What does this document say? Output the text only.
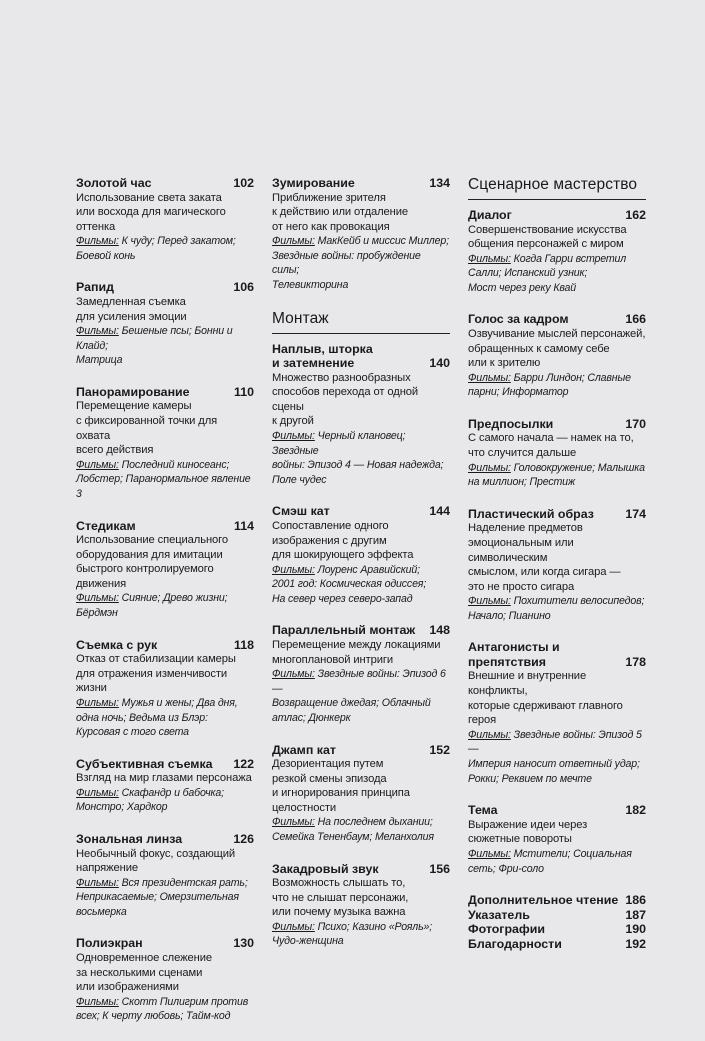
Золотой час	102
Использование света заката
или восхода для магического оттенка
Фильмы: К чуду; Перед закатом;
Боевой конь
Рапид	106
Замедленная съемка
для усиления эмоции
Фильмы: Бешеные псы; Бонни и Клайд;
Матрица
Панорамирование	110
Перемещение камеры
с фиксированной точки для охвата
всего действия
Фильмы: Последний киносеанс;
Лобстер; Паранормальное явление 3
Стедикам	114
Использование специального
оборудования для имитации
быстрого контролируемого
движения
Фильмы: Сияние; Древо жизни;
Бёрдмэн
Съемка с рук	118
Отказ от стабилизации камеры
для отражения изменчивости жизни
Фильмы: Мужья и жены; Два дня,
одна ночь; Ведьма из Блэр:
Курсовая с того света
Субъективная съемка 122
Взгляд на мир глазами персонажа
Фильмы: Скафандр и бабочка;
Монстро; Хардкор
Зональная линза	126
Необычный фокус, создающий
напряжение
Фильмы: Вся президентская рать;
Неприкасаемые; Омерзительная
восьмерка
Полиэкран	130
Одновременное слежение
за несколькими сценами
или изображениями
Фильмы: Скотт Пилигрим против
всех; К черту любовь; Тайм-код
Зумирование	134
Приближение зрителя
к действию или отдаление
от него как провокация
Фильмы: МакКейб и миссис Миллер;
Звездные войны: пробуждение силы;
Телевикторина
Монтаж
Наплыв, шторка
и затемнение	140
Множество разнообразных
способов перехода от одной сцены
к другой
Фильмы: Черный клановец; Звездные
войны: Эпизод 4 — Новая надежда;
Поле чудес
Смэш кат	144
Сопоставление одного
изображения с другим
для шокирующего эффекта
Фильмы: Лоуренс Аравийский;
2001 год: Космическая одиссея;
На север через северо-запад
Параллельный монтаж 148
Перемещение между локациями
многоплановой интриги
Фильмы: Звездные войны: Эпизод 6 —
Возвращение джедая; Облачный
атлас; Дюнкерк
Джамп кат	152
Дезориентация путем
резкой смены эпизода
и игнорирования принципа
целостности
Фильмы: На последнем дыхании;
Семейка Тененбаум; Меланхолия
Закадровый звук	156
Возможность слышать то,
что не слышат персонажи,
или почему музыка важна
Фильмы: Психо; Казино «Рояль»;
Чудо-женщина
Сценарное мастерство
Диалог	162
Совершенствование искусства
общения персонажей с миром
Фильмы: Когда Гарри встретил
Салли; Испанский узник;
Мост через реку Квай
Голос за кадром	166
Озвучивание мыслей персонажей,
обращенных к самому себе
или к зрителю
Фильмы: Барри Линдон; Славные
парни; Информатор
Предпосылки	170
С самого начала — намек на то,
что случится дальше
Фильмы: Головокружение; Малышка
на миллион; Престиж
Пластический образ	174
Наделение предметов
эмоциональным или символическим
смыслом, или когда сигара —
это не просто сигара
Фильмы: Похитители велосипедов;
Начало; Пианино
Антагонисты и препятствия	178
Внешние и внутренние конфликты,
которые сдерживают главного героя
Фильмы: Звездные войны: Эпизод 5 —
Империя наносит ответный удар;
Рокки; Реквием по мечте
Тема	182
Выражение идеи через
сюжетные повороты
Фильмы: Мстители; Социальная
сеть; Фри-соло
Дополнительное чтение 186
Указатель	187
Фотографии	190
Благодарности	192
